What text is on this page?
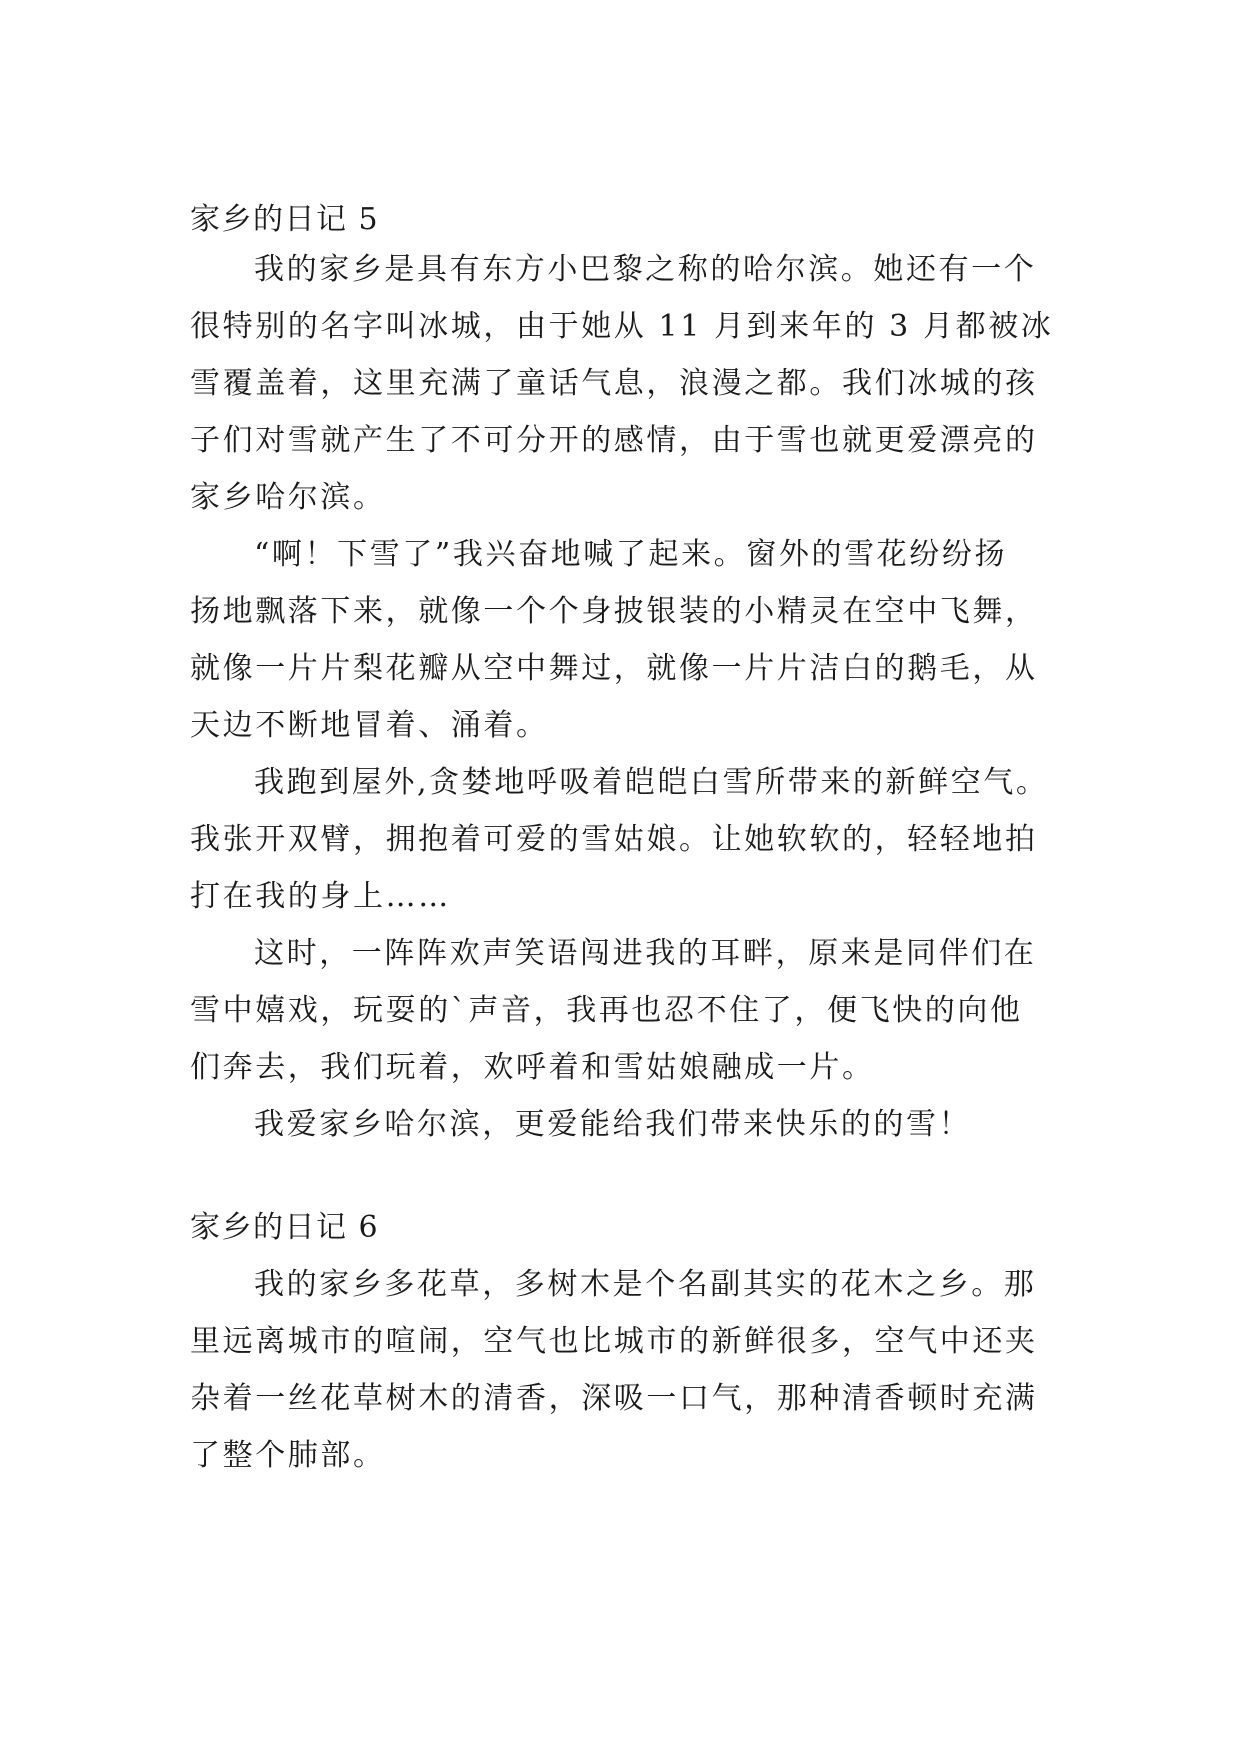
家乡的日记 5
我的家乡是具有东方小巴黎之称的哈尔滨。她还有一个
很特别的名字叫冰城，由于她从 11 月到来年的 3 月都被冰
雪覆盖着，这里充满了童话气息，浪漫之都。我们冰城的孩
子们对雪就产生了不可分开的感情，由于雪也就更爱漂亮的
家乡哈尔滨。
“啊！下雪了”我兴奋地喊了起来。窗外的雪花纷纷扬
扬地飘落下来，就像一个个身披银装的小精灵在空中飞舞，
就像一片片梨花瓣从空中舞过，就像一片片洁白的鹅毛，从
天边不断地冒着、涌着。
我跑到屋外,贪婪地呼吸着皑皑白雪所带来的新鲜空气。
我张开双臂，拥抱着可爱的雪姑娘。让她软软的，轻轻地拍
打在我的身上……
这时，一阵阵欢声笑语闯进我的耳畔，原来是同伴们在
雪中嬉戏，玩耍的`声音，我再也忍不住了，便飞快的向他
们奔去，我们玩着，欢呼着和雪姑娘融成一片。
我爱家乡哈尔滨，更爱能给我们带来快乐的的雪！
家乡的日记 6
我的家乡多花草，多树木是个名副其实的花木之乡。那
里远离城市的喧闹，空气也比城市的新鲜很多，空气中还夹
杂着一丝花草树木的清香，深吸一口气，那种清香顿时充满
了整个肺部。
